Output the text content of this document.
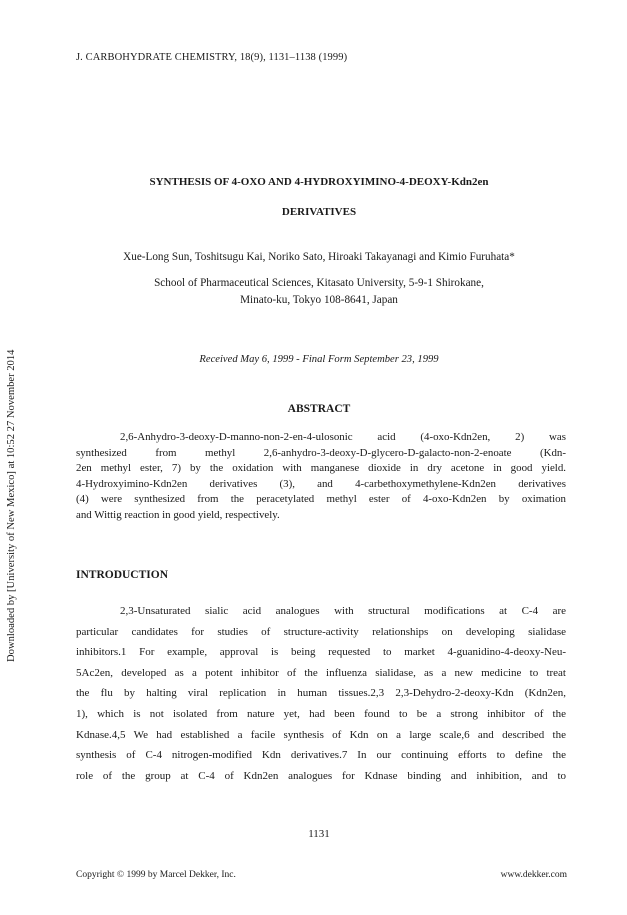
J. CARBOHYDRATE CHEMISTRY, 18(9), 1131–1138 (1999)
Downloaded by [University of New Mexico] at 10:52 27 November 2014
SYNTHESIS OF 4-OXO AND 4-HYDROXYIMINO-4-DEOXY-Kdn2en
DERIVATIVES
Xue-Long Sun, Toshitsugu Kai, Noriko Sato, Hiroaki Takayanagi and Kimio Furuhata*
School of Pharmaceutical Sciences, Kitasato University, 5-9-1 Shirokane,
Minato-ku, Tokyo 108-8641, Japan
Received May 6, 1999 - Final Form September 23, 1999
ABSTRACT
2,6-Anhydro-3-deoxy-D-manno-non-2-en-4-ulosonic acid (4-oxo-Kdn2en, 2) was
synthesized from methyl 2,6-anhydro-3-deoxy-D-glycero-D-galacto-non-2-enoate (Kdn-
2en methyl ester, 7) by the oxidation with manganese dioxide in dry acetone in good yield.
4-Hydroxyimino-Kdn2en derivatives (3), and 4-carbethoxymethylene-Kdn2en derivatives
(4) were synthesized from the peracetylated methyl ester of 4-oxo-Kdn2en by oximation
and Wittig reaction in good yield, respectively.
INTRODUCTION
2,3-Unsaturated sialic acid analogues with structural modifications at C-4 are
particular candidates for studies of structure-activity relationships on developing sialidase
inhibitors.1 For example, approval is being requested to market 4-guanidino-4-deoxy-Neu-
5Ac2en, developed as a potent inhibitor of the influenza sialidase, as a new medicine to treat
the flu by halting viral replication in human tissues.2,3 2,3-Dehydro-2-deoxy-Kdn (Kdn2en,
1), which is not isolated from nature yet, had been found to be a strong inhibitor of the
Kdnase.4,5 We had established a facile synthesis of Kdn on a large scale,6 and described the
synthesis of C-4 nitrogen-modified Kdn derivatives.7 In our continuing efforts to define the
role of the group at C-4 of Kdn2en analogues for Kdnase binding and inhibition, and to
1131
Copyright © 1999 by Marcel Dekker, Inc.	www.dekker.com
